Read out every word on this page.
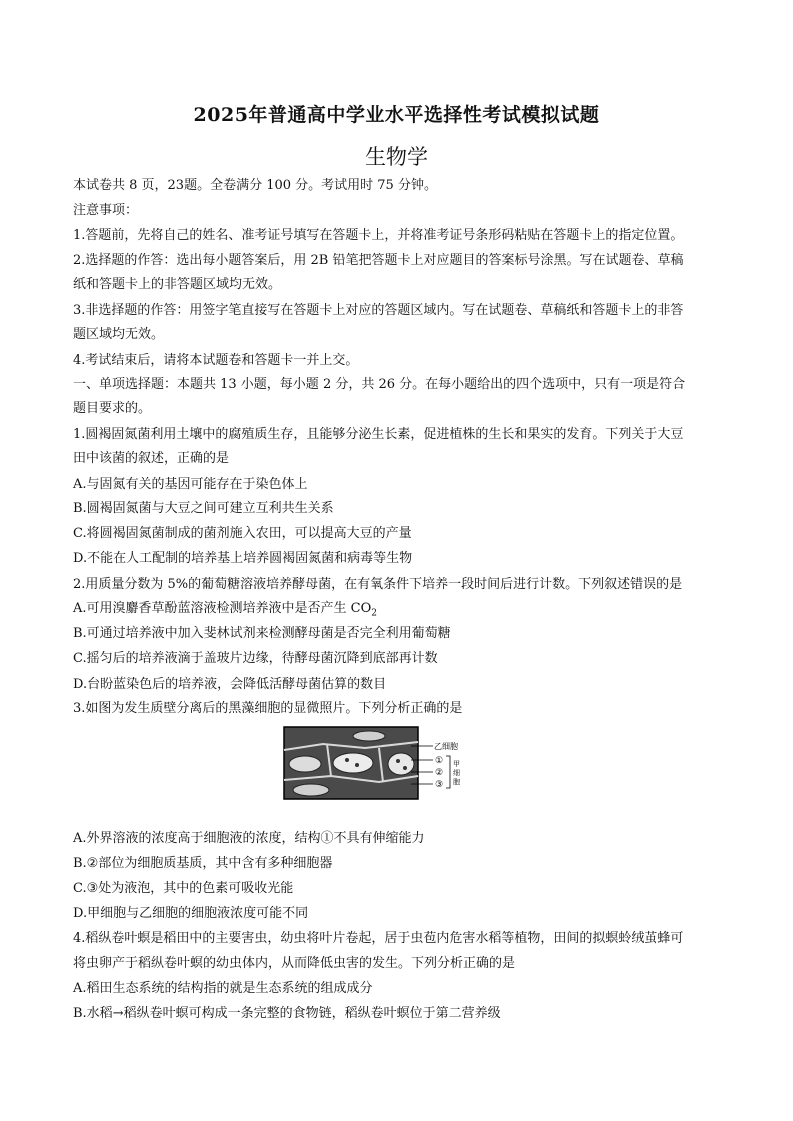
2025年普通高中学业水平选择性考试模拟试题
生物学
本试卷共 8 页，23题。全卷满分 100 分。考试用时 75 分钟。
注意事项：
1.答题前，先将自己的姓名、准考证号填写在答题卡上，并将准考证号条形码粘贴在答题卡上的指定位置。
2.选择题的作答：选出每小题答案后，用 2B 铅笔把答题卡上对应题目的答案标号涂黑。写在试题卷、草稿
纸和答题卡上的非答题区域均无效。
3.非选择题的作答：用签字笔直接写在答题卡上对应的答题区域内。写在试题卷、草稿纸和答题卡上的非答
题区域均无效。
4.考试结束后，请将本试题卷和答题卡一并上交。
一、单项选择题：本题共 13 小题，每小题 2 分，共 26 分。在每小题给出的四个选项中，只有一项是符合
题目要求的。
1.圆褐固氮菌利用土壤中的腐殖质生存，且能够分泌生长素，促进植株的生长和果实的发育。下列关于大豆
田中该菌的叙述，正确的是
A.与固氮有关的基因可能存在于染色体上
B.圆褐固氮菌与大豆之间可建立互利共生关系
C.将圆褐固氮菌制成的菌剂施入农田，可以提高大豆的产量
D.不能在人工配制的培养基上培养圆褐固氮菌和病毒等生物
2.用质量分数为 5%的葡萄糖溶液培养酵母菌，在有氧条件下培养一段时间后进行计数。下列叙述错误的是
A.可用溴麝香草酚蓝溶液检测培养液中是否产生 $CO_2$
B.可通过培养液中加入斐林试剂来检测酵母菌是否完全利用葡萄糖
C.摇匀后的培养液滴于盖玻片边缘，待酵母菌沉降到底部再计数
D.台盼蓝染色后的培养液，会降低活酵母菌估算的数目
3.如图为发生质壁分离后的黑藻细胞的显微照片。下列分析正确的是
乙细胞
①
②
③
甲
细
胞
A.外界溶液的浓度高于细胞液的浓度，结构①不具有伸缩能力
B.②部位为细胞质基质，其中含有多种细胞器
C.③处为液泡，其中的色素可吸收光能
D.甲细胞与乙细胞的细胞液浓度可能不同
4.稻纵卷叶螟是稻田中的主要害虫，幼虫将叶片卷起，居于虫苞内危害水稻等植物，田间的拟螟蛉绒茧蜂可
将虫卵产于稻纵卷叶螟的幼虫体内，从而降低虫害的发生。下列分析正确的是
A.稻田生态系统的结构指的就是生态系统的组成成分
B.水稻→稻纵卷叶螟可构成一条完整的食物链，稻纵卷叶螟位于第二营养级
